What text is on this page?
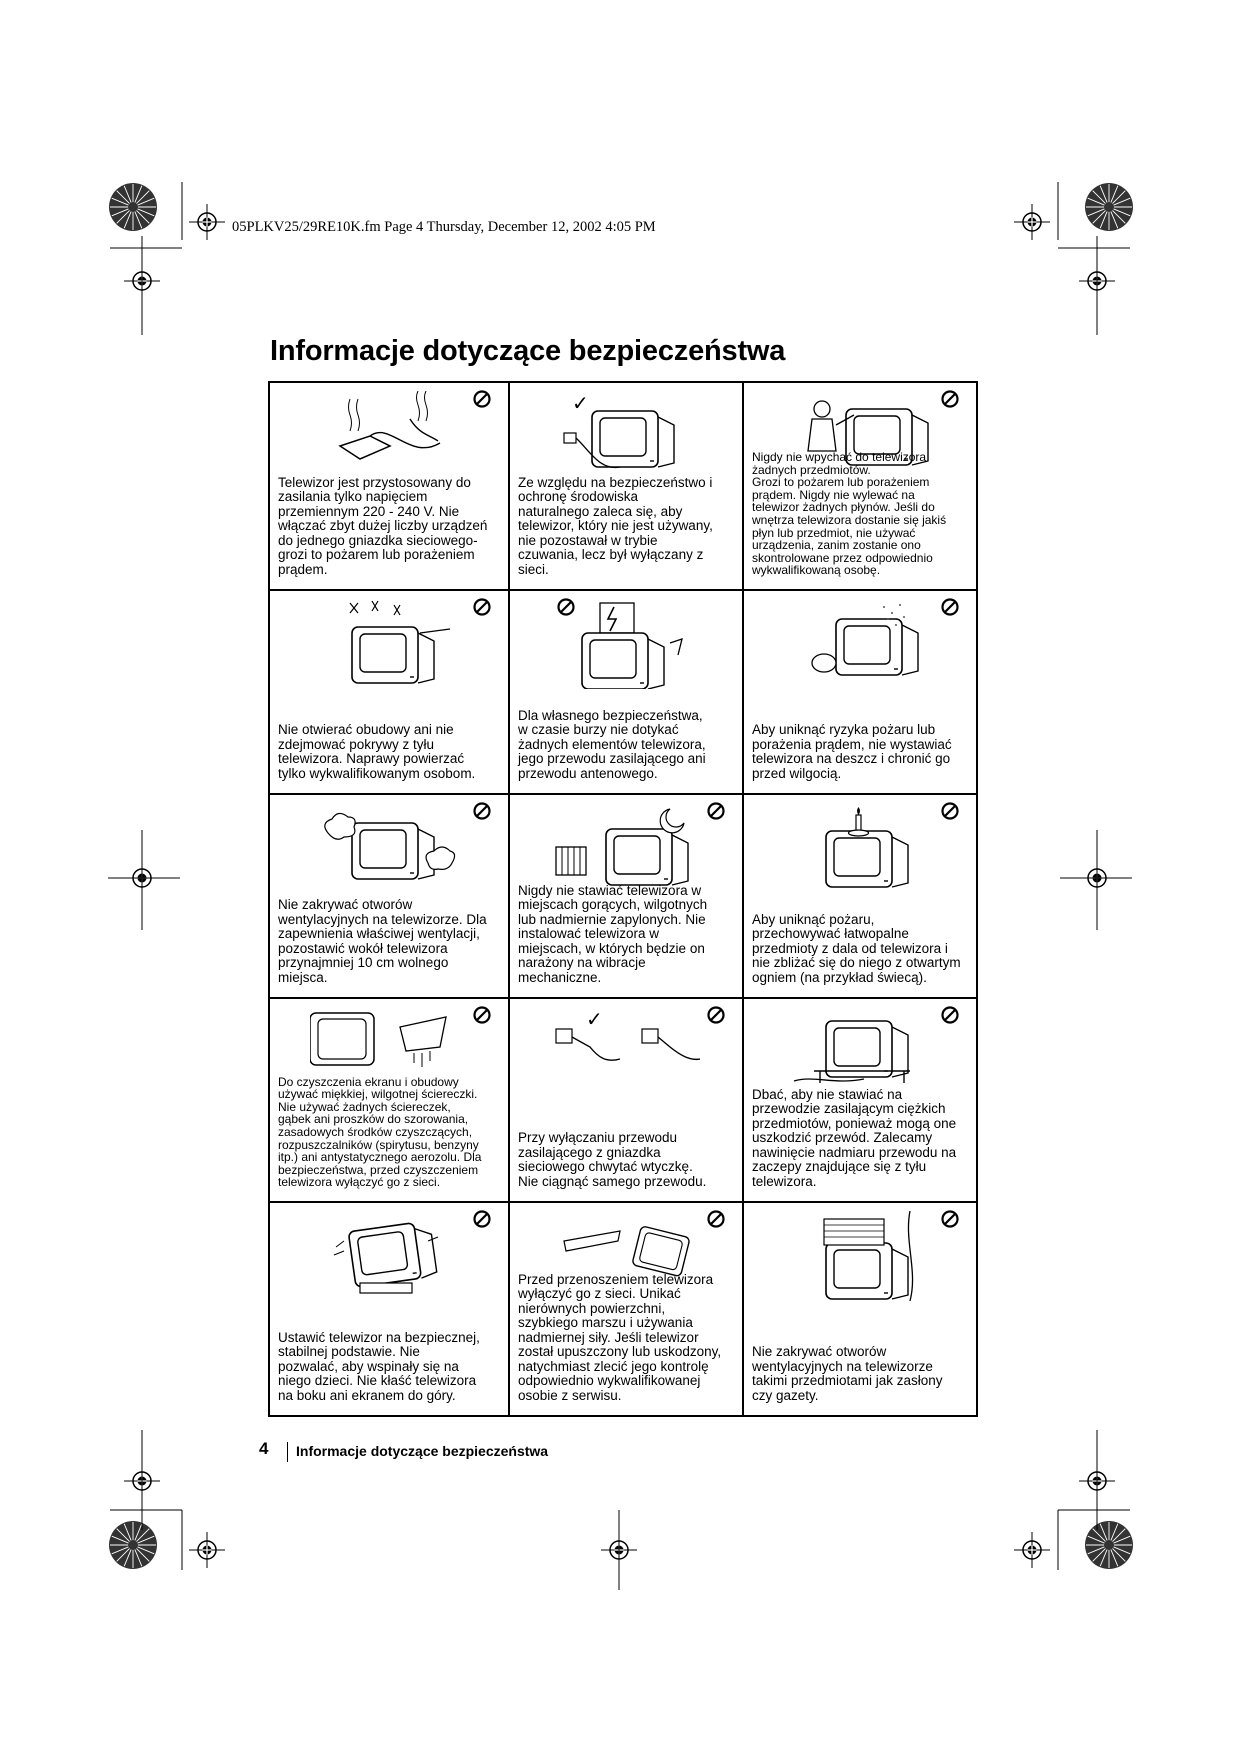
05PLKV25/29RE10K.fm Page 4 Thursday, December 12, 2002 4:05 PM
Informacje dotyczące bezpieczeństwa

Telewizor jest przystosowany do
zasilania tylko napięciem
przemiennym 220 - 240 V. Nie
włączać zbyt dużej liczby urządzeń
do jednego gniazdka sieciowego-
grozi to pożarem lub porażeniem
prądem.

✓

Ze względu na bezpieczeństwo i
ochronę środowiska
naturalnego zaleca się, aby
telewizor, który nie jest używany,
nie pozostawał w trybie
czuwania, lecz był wyłączany z
sieci.

Nigdy nie wpychać do telewizora
żadnych przedmiotów.
Grozi to pożarem lub porażeniem
prądem. Nigdy nie wylewać na
telewizor żadnych płynów. Jeśli do
wnętrza telewizora dostanie się jakiś
płyn lub przedmiot, nie używać
urządzenia, zanim zostanie ono
skontrolowane przez odpowiednio
wykwalifikowaną osobę.

Nie otwierać obudowy ani nie
zdejmować pokrywy z tyłu
telewizora. Naprawy powierzać
tylko wykwalifikowanym osobom.

Dla własnego bezpieczeństwa,
w czasie burzy nie dotykać
żadnych elementów telewizora,
jego przewodu zasilającego ani
przewodu antenowego.

Aby uniknąć ryzyka pożaru lub
porażenia prądem, nie wystawiać
telewizora na deszcz i chronić go
przed wilgocią.

Nie zakrywać otworów
wentylacyjnych na telewizorze. Dla
zapewnienia właściwej wentylacji,
pozostawić wokół telewizora
przynajmniej 10 cm wolnego
miejsca.

Nigdy nie stawiać telewizora w
miejscach gorących, wilgotnych
lub nadmiernie zapylonych. Nie
instalować telewizora w
miejscach, w których będzie on
narażony na wibracje
mechaniczne.

Aby uniknąć pożaru,
przechowywać łatwopalne
przedmioty z dala od telewizora i
nie zbliżać się do niego z otwartym
ogniem (na przykład świecą).

Do czyszczenia ekranu i obudowy
używać miękkiej, wilgotnej ściereczki.
Nie używać żadnych ściereczek,
gąbek ani proszków do szorowania,
zasadowych środków czyszczących,
rozpuszczalników (spirytusu, benzyny
itp.) ani antystatycznego aerozolu. Dla
bezpieczeństwa, przed czyszczeniem
telewizora wyłączyć go z sieci.

✓

Przy wyłączaniu przewodu
zasilającego z gniazdka
sieciowego chwytać wtyczkę.
Nie ciągnąć samego przewodu.

Dbać, aby nie stawiać na
przewodzie zasilającym ciężkich
przedmiotów, ponieważ mogą one
uszkodzić przewód. Zalecamy
nawinięcie nadmiaru przewodu na
zaczepy znajdujące się z tyłu
telewizora.

Ustawić telewizor na bezpiecznej,
stabilnej podstawie. Nie
pozwalać, aby wspinały się na
niego dzieci. Nie kłaść telewizora
na boku ani ekranem do góry.

Przed przenoszeniem telewizora
wyłączyć go z sieci. Unikać
nierównych powierzchni,
szybkiego marszu i używania
nadmiernej siły. Jeśli telewizor
został upuszczony lub uskodzony,
natychmiast zlecić jego kontrolę
odpowiednio wykwalifikowanej
osobie z serwisu.

Nie zakrywać otworów
wentylacyjnych na telewizorze
takimi przedmiotami jak zasłony
czy gazety.

4 Informacje dotyczące bezpieczeństwa
